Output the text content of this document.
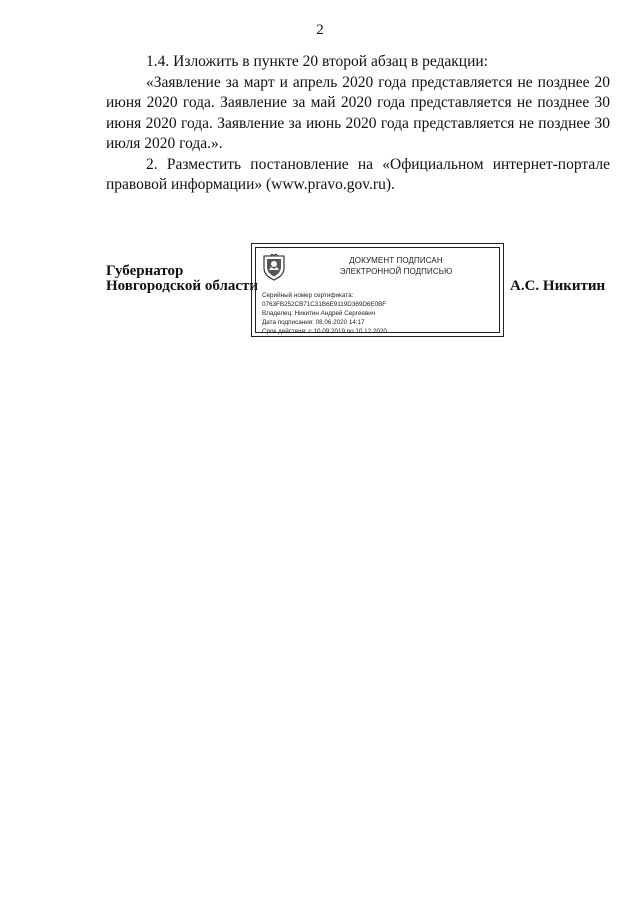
2

1.4. Изложить в пункте 20 второй абзац в редакции:

«Заявление за март и апрель 2020 года представляется не позднее 20 июня 2020 года. Заявление за май 2020 года представляется не позднее 30 июня 2020 года. Заявление за июнь 2020 года представляется не позднее 30 июля 2020 года.».

2. Разместить постановление на «Официальном интернет-портале правовой информации» (www.pravo.gov.ru).

Губернатор
Новгородской области
ДОКУМЕНТ ПОДПИСАН
ЭЛЕКТРОННОЙ ПОДПИСЬЮ
Серийный номер сертификата:
0763FB252CB71C31B6E9119D369D6E0BF
Владелец: Никитин Андрей Сергеевич
Дата подписания: 08.06.2020 14:17
Срок действия: с 10.09.2019 по 10.12.2020
А.С. Никитин
